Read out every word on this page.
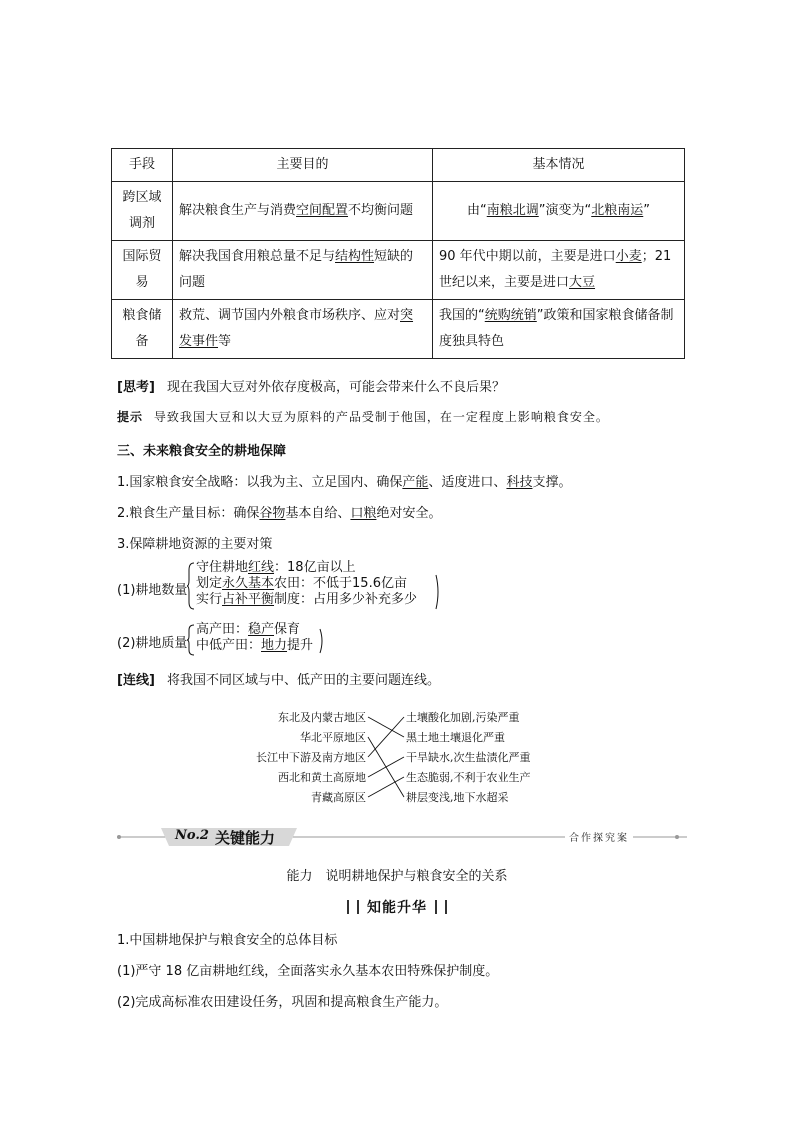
手段	主要目的	基本情况
跨区域调剂	解决粮食生产与消费空间配置不均衡问题	由“南粮北调”演变为“北粮南运”
国际贸易	解决我国食用粮总量不足与结构性短缺的问题	90 年代中期以前，主要是进口小麦；21 世纪以来，主要是进口大豆
粮食储备	救荒、调节国内外粮食市场秩序、应对突发事件等	我国的“统购统销”政策和国家粮食储备制度独具特色
[思考] 现在我国大豆对外依存度极高，可能会带来什么不良后果？
提示 导致我国大豆和以大豆为原料的产品受制于他国，在一定程度上影响粮食安全。
三、未来粮食安全的耕地保障
1.国家粮食安全战略：以我为主、立足国内、确保产能、适度进口、科技支撑。
2.粮食生产量目标：确保谷物基本自给、口粮绝对安全。
3.保障耕地资源的主要对策
(1)耕地数量
守住耕地红线：18亿亩以上
划定永久基本农田：不低于15.6亿亩
实行占补平衡制度：占用多少补充多少
(2)耕地质量
高产田：稳产保育
中低产田：地力提升
[连线] 将我国不同区域与中、低产田的主要问题连线。
东北及内蒙古地区
华北平原地区
长江中下游及南方地区
西北和黄土高原地
青藏高原区
土壤酸化加剧,污染严重
黑土地土壤退化严重
干旱缺水,次生盐渍化严重
生态脆弱,不利于农业生产
耕层变浅,地下水超采
No.2 关键能力	合作探究案
能力　说明耕地保护与粮食安全的关系
知能升华
1.中国耕地保护与粮食安全的总体目标
(1)严守 18 亿亩耕地红线，全面落实永久基本农田特殊保护制度。
(2)完成高标准农田建设任务，巩固和提高粮食生产能力。
